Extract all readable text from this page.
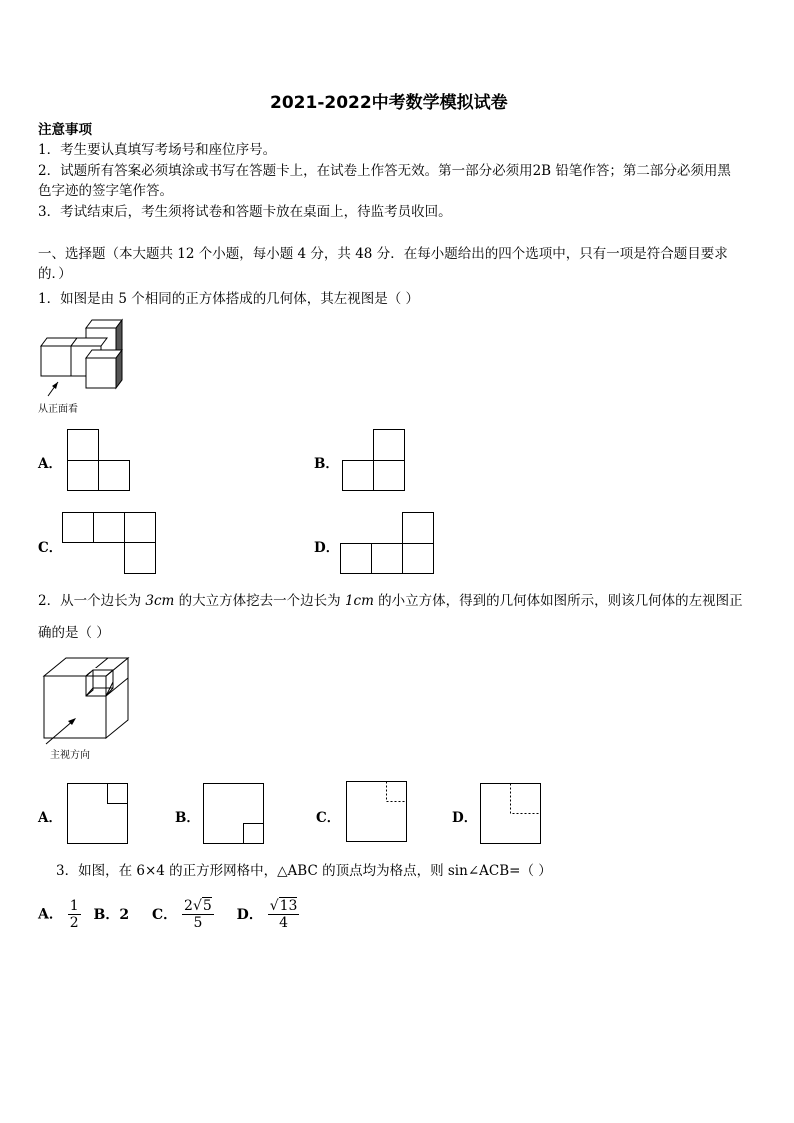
2021-2022中考数学模拟试卷
注意事项
1．考生要认真填写考场号和座位序号。
2．试题所有答案必须填涂或书写在答题卡上，在试卷上作答无效。第一部分必须用2B 铅笔作答；第二部分必须用黑
色字迹的签字笔作答。
3．考试结束后，考生须将试卷和答题卡放在桌面上，待监考员收回。
一、选择题（本大题共 12 个小题，每小题 4 分，共 48 分．在每小题给出的四个选项中，只有一项是符合题目要求
的．）
1．如图是由 5 个相同的正方体搭成的几何体，其左视图是（ ）
从正面看
A．	B．
C．	D．
2．从一个边长为 3cm 的大立方体挖去一个边长为 1cm 的小立方体，得到的几何体如图所示，则该几何体的左视图正
确的是（ ）
主视方向
A．	B．	C．	D．
3．如图，在 6×4 的正方形网格中，△ABC 的顶点均为格点，则 sin∠ACB=（ ）
A． $\frac{1}{2}$ B．2 C． $\frac{2√5}{5}$ D． $\frac{√13}{4}$
